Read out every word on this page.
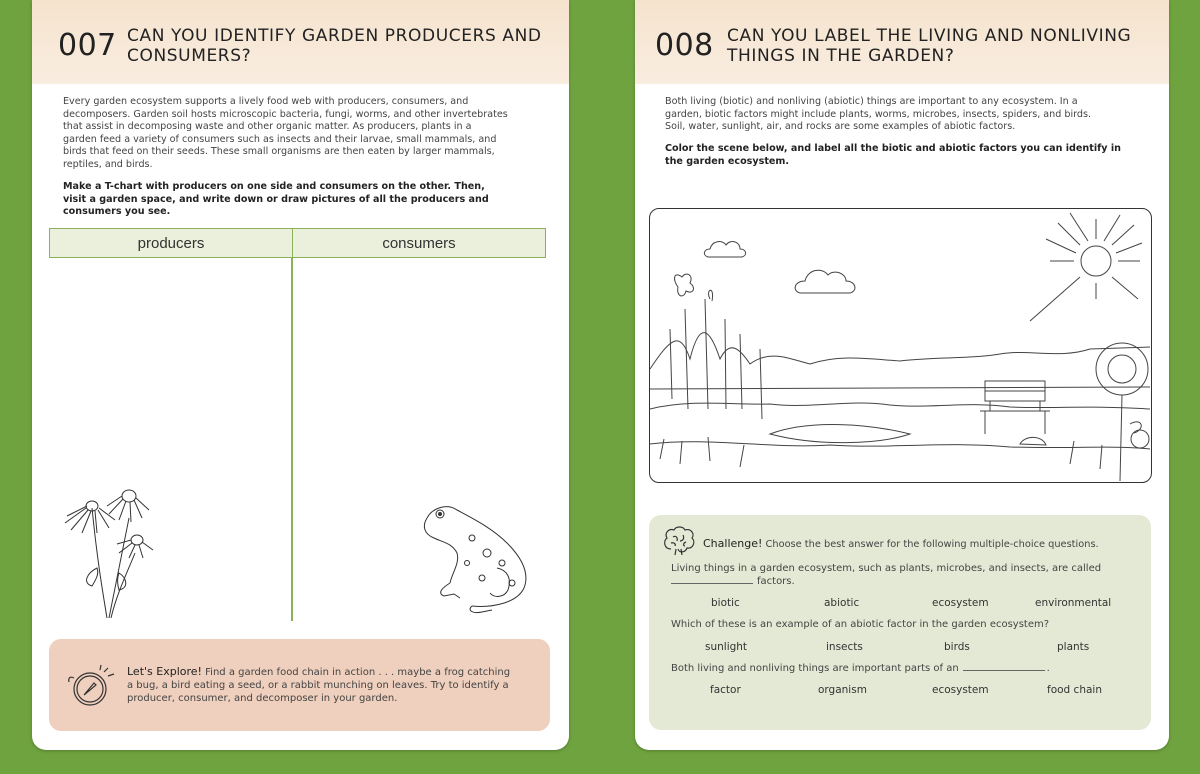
007 CAN YOU IDENTIFY GARDEN PRODUCERS AND
CONSUMERS?
Every garden ecosystem supports a lively food web with producers, consumers, and
decomposers. Garden soil hosts microscopic bacteria, fungi, worms, and other invertebrates
that assist in decomposing waste and other organic matter. As producers, plants in a
garden feed a variety of consumers such as insects and their larvae, small mammals, and
birds that feed on their seeds. These small organisms are then eaten by larger mammals,
reptiles, and birds.
Make a T-chart with producers on one side and consumers on the other. Then,
visit a garden space, and write down or draw pictures of all the producers and
consumers you see.
producers	consumers
Let's Explore! Find a garden food chain in action . . . maybe a frog catching
a bug, a bird eating a seed, or a rabbit munching on leaves. Try to identify a
producer, consumer, and decomposer in your garden.
008 CAN YOU LABEL THE LIVING AND NONLIVING
THINGS IN THE GARDEN?
Both living (biotic) and nonliving (abiotic) things are important to any ecosystem. In a
garden, biotic factors might include plants, worms, microbes, insects, spiders, and birds.
Soil, water, sunlight, air, and rocks are some examples of abiotic factors.
Color the scene below, and label all the biotic and abiotic factors you can identify in
the garden ecosystem.
Challenge! Choose the best answer for the following multiple-choice questions.
Living things in a garden ecosystem, such as plants, microbes, and insects, are called
factors.
biotic	abiotic	ecosystem	environmental
Which of these is an example of an abiotic factor in the garden ecosystem?
sunlight	insects	birds	plants
Both living and nonliving things are important parts of an	.
factor	organism	ecosystem	food chain
